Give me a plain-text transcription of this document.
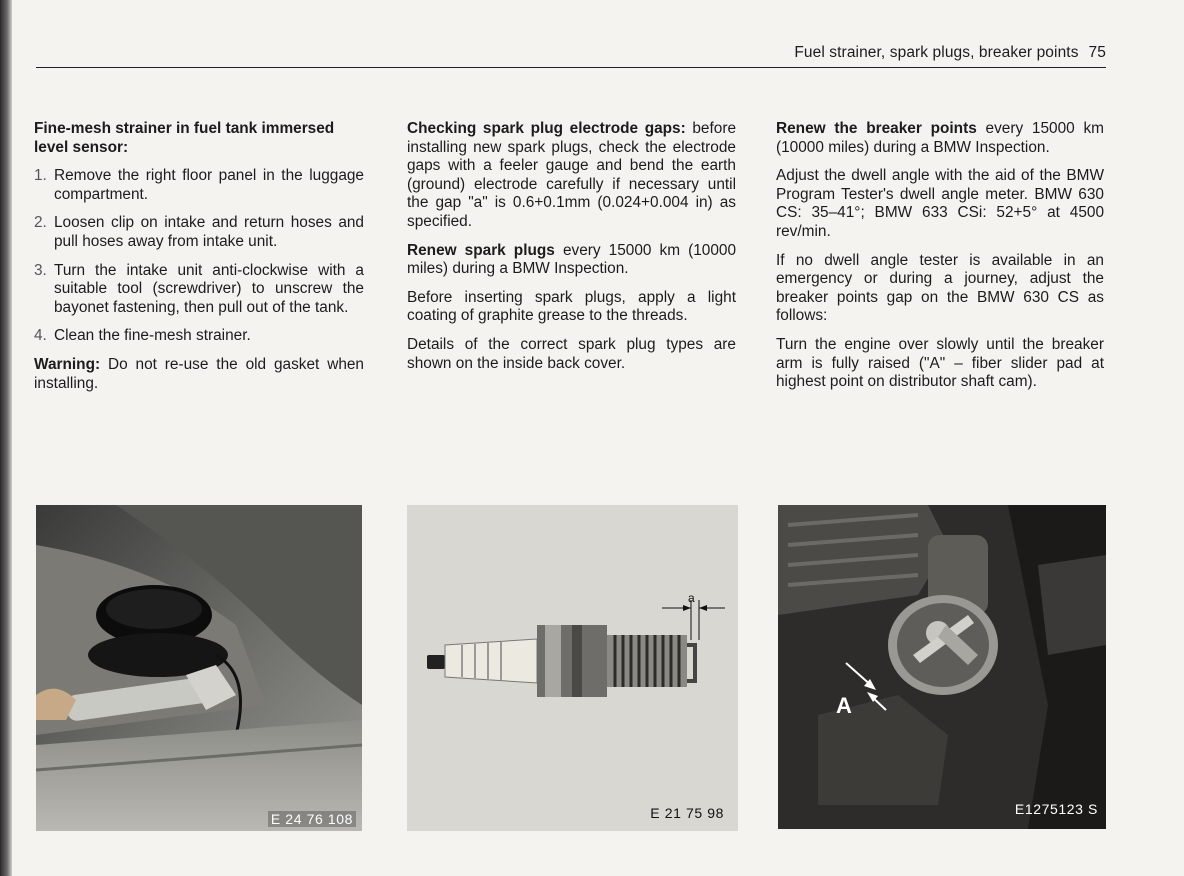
Fuel strainer, spark plugs, breaker points 75

Fine-mesh strainer in fuel tank immersed level sensor:

1. Remove the right floor panel in the luggage compartment.

2. Loosen clip on intake and return hoses and pull hoses away from intake unit.

3. Turn the intake unit anti-clockwise with a suitable tool (screwdriver) to unscrew the bayonet fastening, then pull out of the tank.

4. Clean the fine-mesh strainer.

Warning: Do not re-use the old gasket when installing.

Checking spark plug electrode gaps: before installing new spark plugs, check the electrode gaps with a feeler gauge and bend the earth (ground) electrode carefully if necessary until the gap "a" is 0.6+0.1mm (0.024+0.004 in) as specified.

Renew spark plugs every 15000 km (10000 miles) during a BMW Inspection.

Before inserting spark plugs, apply a light coating of graphite grease to the threads.

Details of the correct spark plug types are shown on the inside back cover.

Renew the breaker points every 15000 km (10000 miles) during a BMW Inspection.

Adjust the dwell angle with the aid of the BMW Program Tester's dwell angle meter. BMW 630 CS: 35–41°; BMW 633 CSi: 52+5° at 4500 rev/min.

If no dwell angle tester is available in an emergency or during a journey, adjust the breaker points gap on the BMW 630 CS as follows:

Turn the engine over slowly until the breaker arm is fully raised ("A" – fiber slider pad at highest point on distributor shaft cam).

E 24 76 108
a
E 21 75 98
A
E1275123 S
